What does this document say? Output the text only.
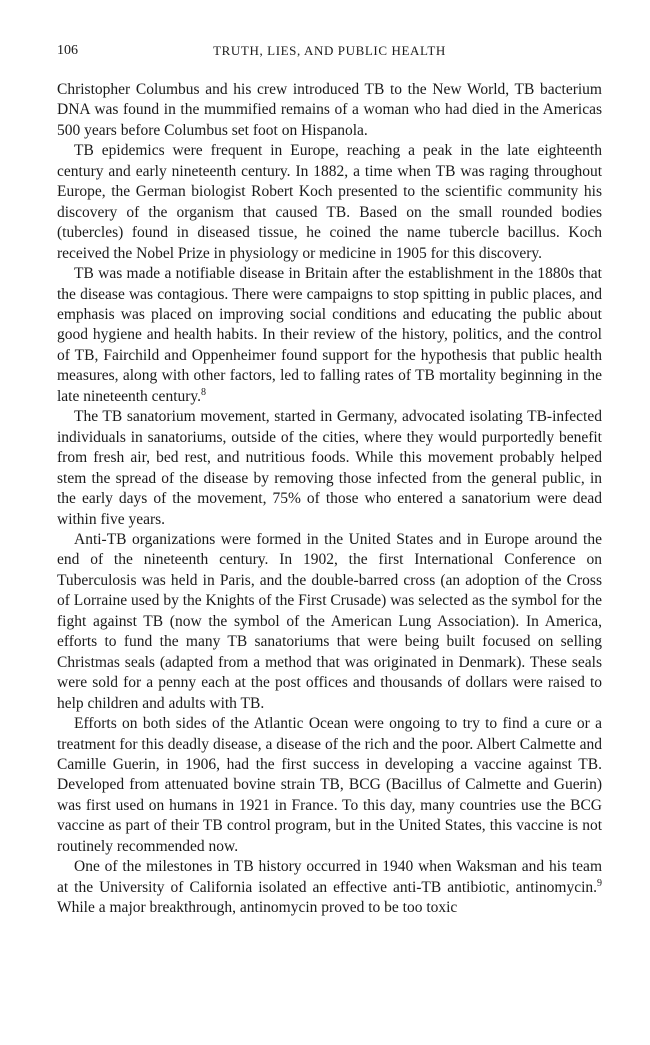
106	TRUTH, LIES, AND PUBLIC HEALTH

Christopher Columbus and his crew introduced TB to the New World, TB bacterium DNA was found in the mummified remains of a woman who had died in the Americas 500 years before Columbus set foot on Hispanola.

TB epidemics were frequent in Europe, reaching a peak in the late eighteenth century and early nineteenth century. In 1882, a time when TB was raging throughout Europe, the German biologist Robert Koch presented to the scientific community his discovery of the organism that caused TB. Based on the small rounded bodies (tubercles) found in diseased tissue, he coined the name tubercle bacillus. Koch received the Nobel Prize in physiology or medicine in 1905 for this discovery.

TB was made a notifiable disease in Britain after the establishment in the 1880s that the disease was contagious. There were campaigns to stop spitting in public places, and emphasis was placed on improving social conditions and educating the public about good hygiene and health habits. In their review of the history, politics, and the control of TB, Fairchild and Oppenheimer found support for the hypothesis that public health measures, along with other factors, led to falling rates of TB mortality beginning in the late nineteenth century.$^8$

The TB sanatorium movement, started in Germany, advocated isolating TB-infected individuals in sanatoriums, outside of the cities, where they would purportedly benefit from fresh air, bed rest, and nutritious foods. While this movement probably helped stem the spread of the disease by removing those infected from the general public, in the early days of the movement, 75% of those who entered a sanatorium were dead within five years.

Anti-TB organizations were formed in the United States and in Europe around the end of the nineteenth century. In 1902, the first International Conference on Tuberculosis was held in Paris, and the double-barred cross (an adoption of the Cross of Lorraine used by the Knights of the First Crusade) was selected as the symbol for the fight against TB (now the symbol of the American Lung Association). In America, efforts to fund the many TB sanatoriums that were being built focused on selling Christmas seals (adapted from a method that was originated in Denmark). These seals were sold for a penny each at the post offices and thousands of dollars were raised to help children and adults with TB.

Efforts on both sides of the Atlantic Ocean were ongoing to try to find a cure or a treatment for this deadly disease, a disease of the rich and the poor. Albert Calmette and Camille Guerin, in 1906, had the first success in developing a vaccine against TB. Developed from attenuated bovine strain TB, BCG (Bacillus of Calmette and Guerin) was first used on humans in 1921 in France. To this day, many countries use the BCG vaccine as part of their TB control program, but in the United States, this vaccine is not routinely recommended now.

One of the milestones in TB history occurred in 1940 when Waksman and his team at the University of California isolated an effective anti-TB antibiotic, antinomycin.$^9$ While a major breakthrough, antinomycin proved to be too toxic
